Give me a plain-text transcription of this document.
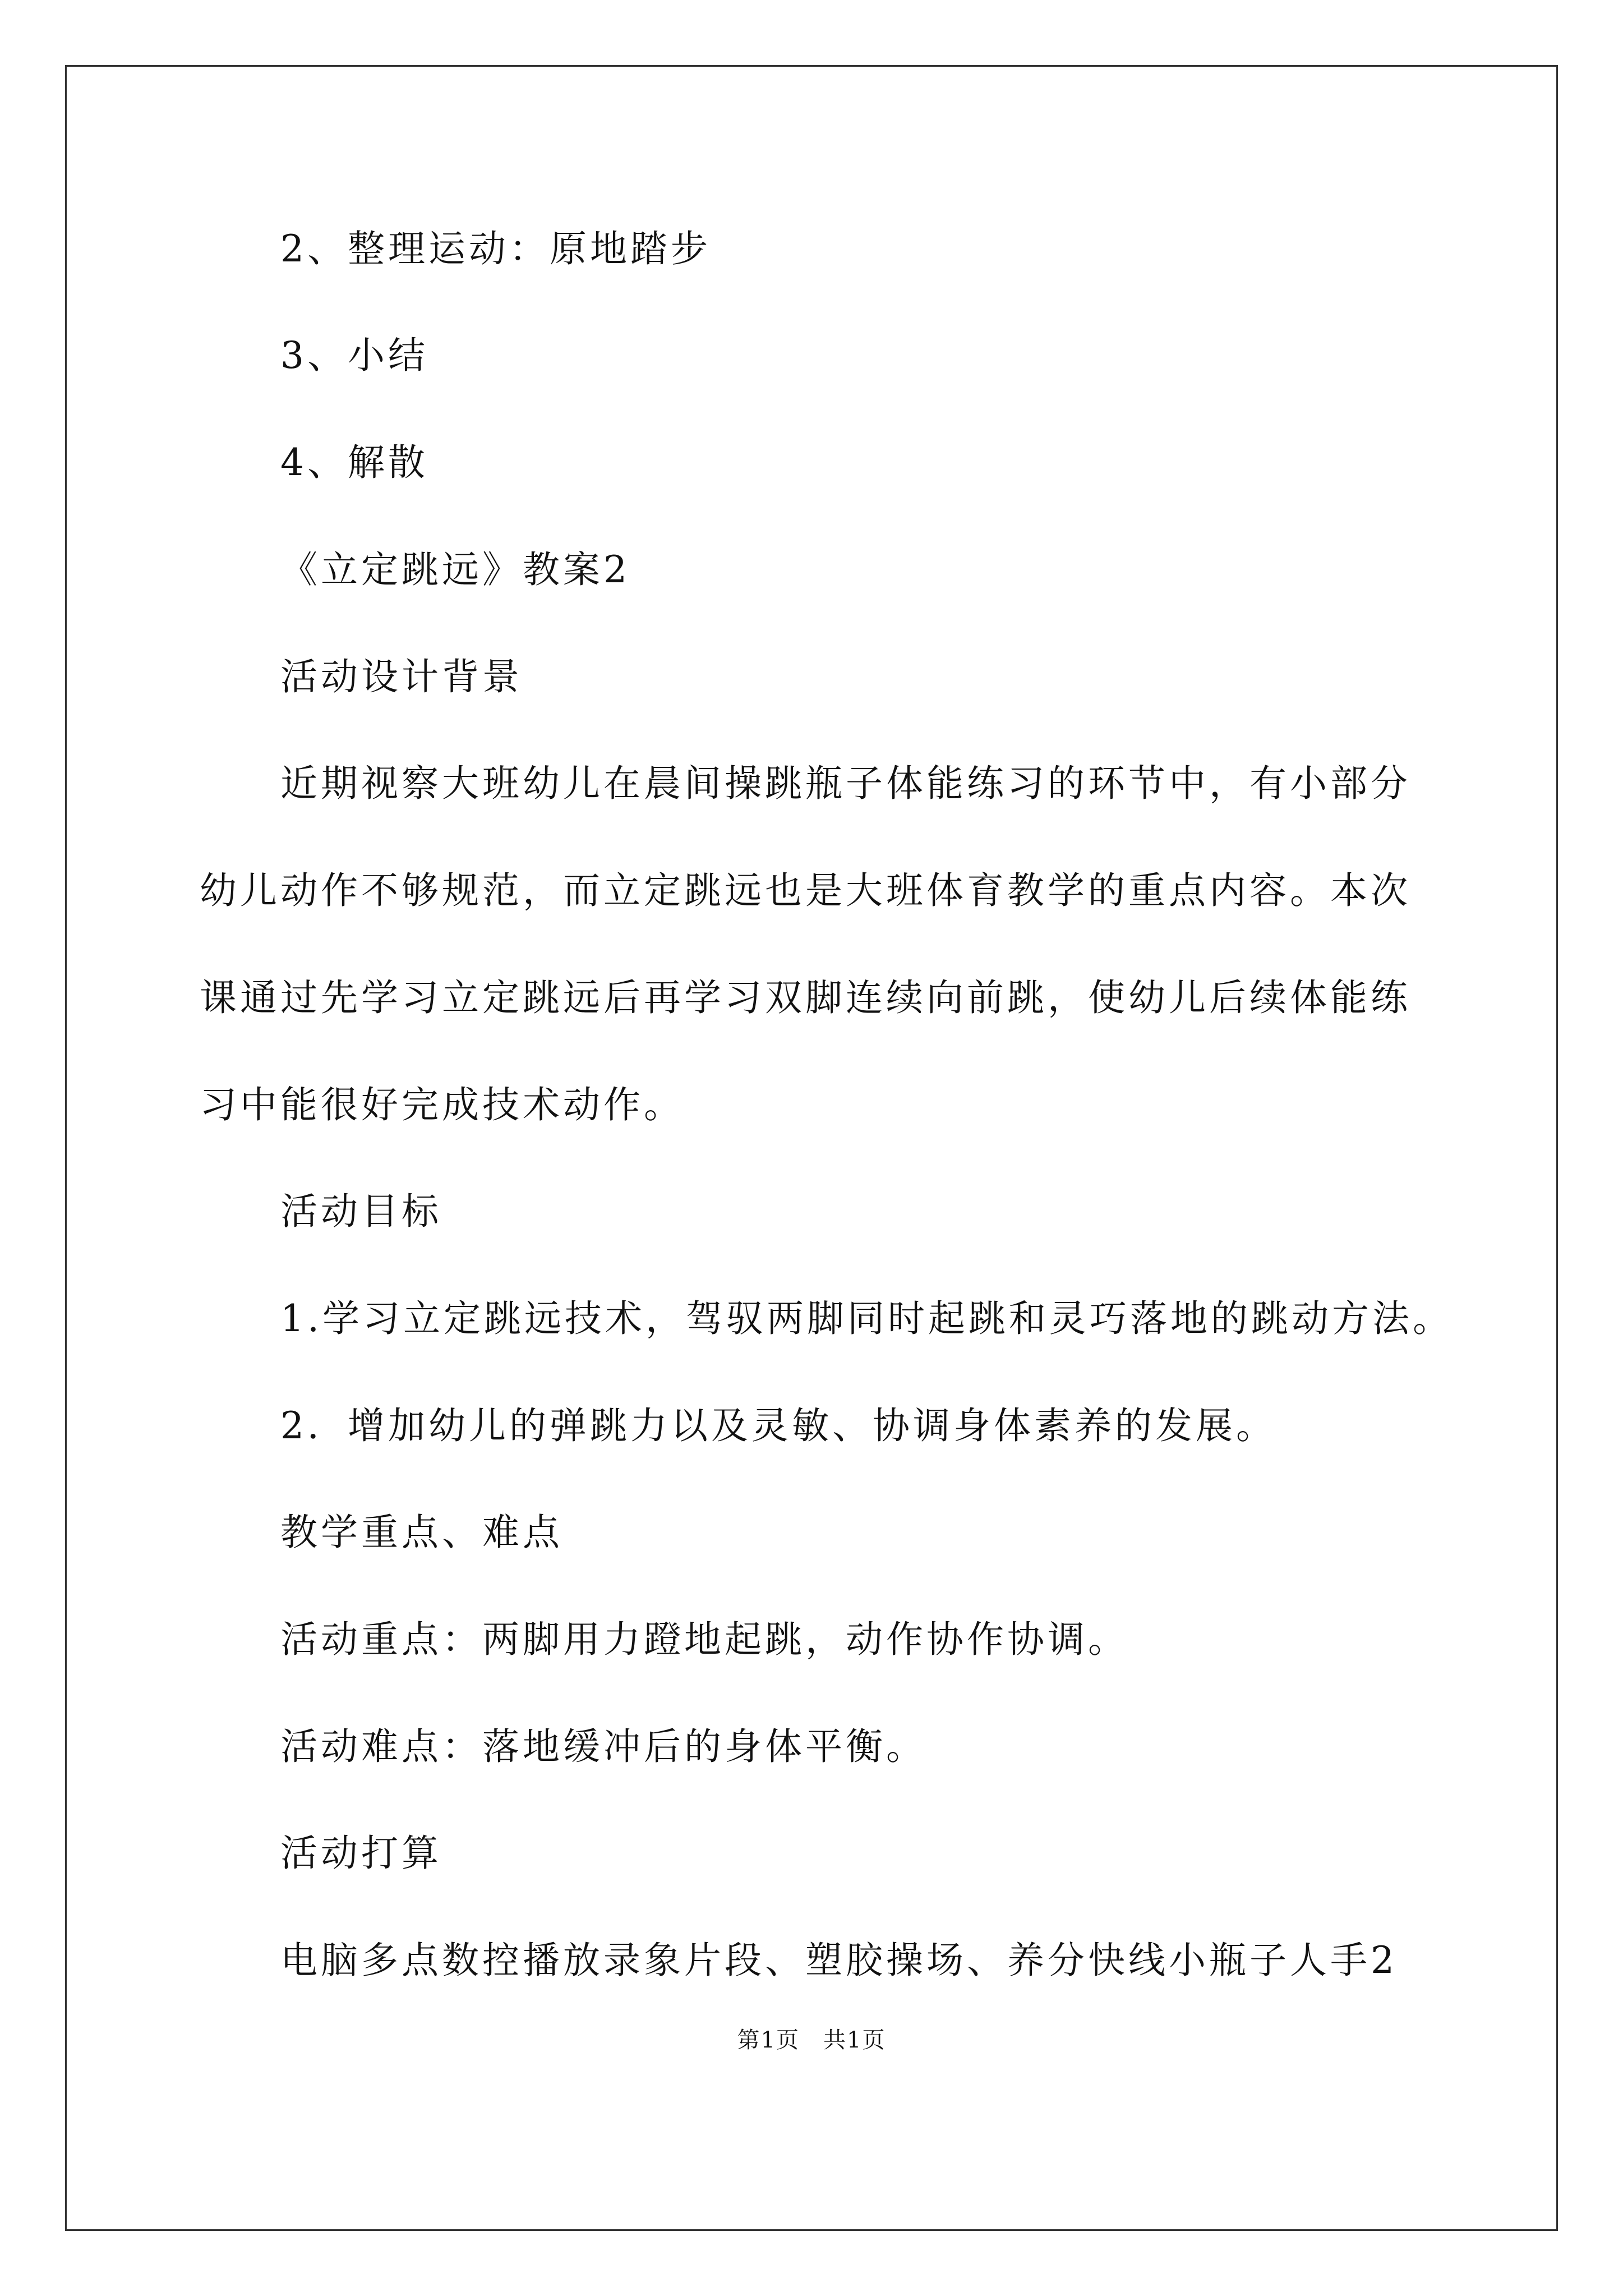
2、整理运动：原地踏步

3、小结

4、解散

《立定跳远》教案2

活动设计背景

近期视察大班幼儿在晨间操跳瓶子体能练习的环节中，有小部分

幼儿动作不够规范，而立定跳远也是大班体育教学的重点内容。本次

课通过先学习立定跳远后再学习双脚连续向前跳，使幼儿后续体能练

习中能很好完成技术动作。

活动目标

1.学习立定跳远技术，驾驭两脚同时起跳和灵巧落地的跳动方法。

2．增加幼儿的弹跳力以及灵敏、协调身体素养的发展。

教学重点、难点

活动重点：两脚用力蹬地起跳，动作协作协调。

活动难点：落地缓冲后的身体平衡。

活动打算

电脑多点数控播放录象片段、塑胶操场、养分快线小瓶子人手2

第1页　共1页
